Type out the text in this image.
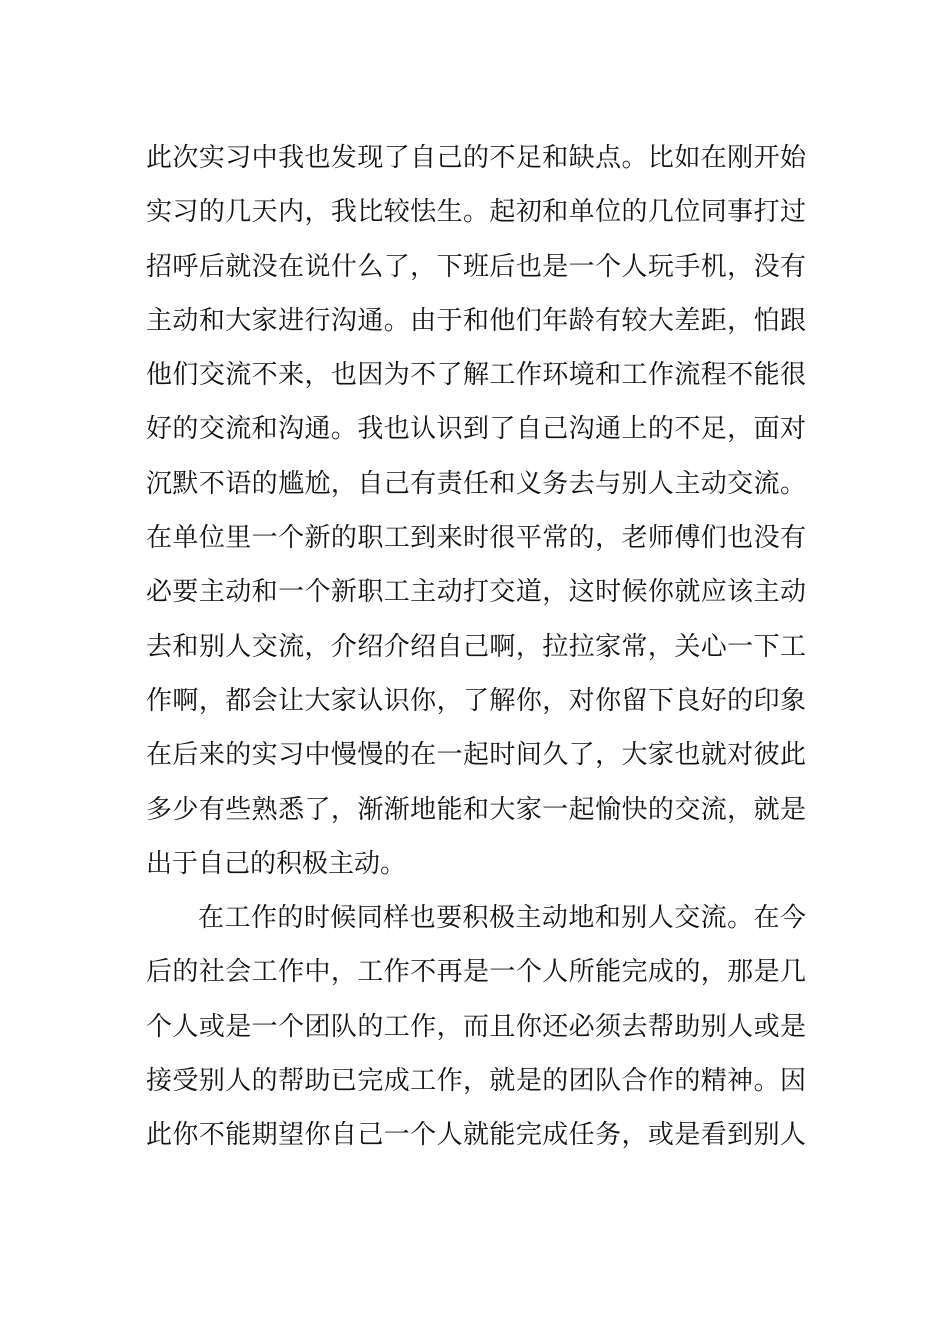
此次实习中我也发现了自己的不足和缺点。比如在刚开始
实习的几天内，我比较怯生。起初和单位的几位同事打过
招呼后就没在说什么了，下班后也是一个人玩手机，没有
主动和大家进行沟通。由于和他们年龄有较大差距，怕跟
他们交流不来，也因为不了解工作环境和工作流程不能很
好的交流和沟通。我也认识到了自己沟通上的不足，面对
沉默不语的尴尬，自己有责任和义务去与别人主动交流。
在单位里一个新的职工到来时很平常的，老师傅们也没有
必要主动和一个新职工主动打交道，这时候你就应该主动
去和别人交流，介绍介绍自己啊，拉拉家常，关心一下工
作啊，都会让大家认识你，了解你，对你留下良好的印象
在后来的实习中慢慢的在一起时间久了，大家也就对彼此
多少有些熟悉了，渐渐地能和大家一起愉快的交流，就是
出于自己的积极主动。
在工作的时候同样也要积极主动地和别人交流。在今
后的社会工作中，工作不再是一个人所能完成的，那是几
个人或是一个团队的工作，而且你还必须去帮助别人或是
接受别人的帮助已完成工作，就是的团队合作的精神。因
此你不能期望你自己一个人就能完成任务，或是看到别人
